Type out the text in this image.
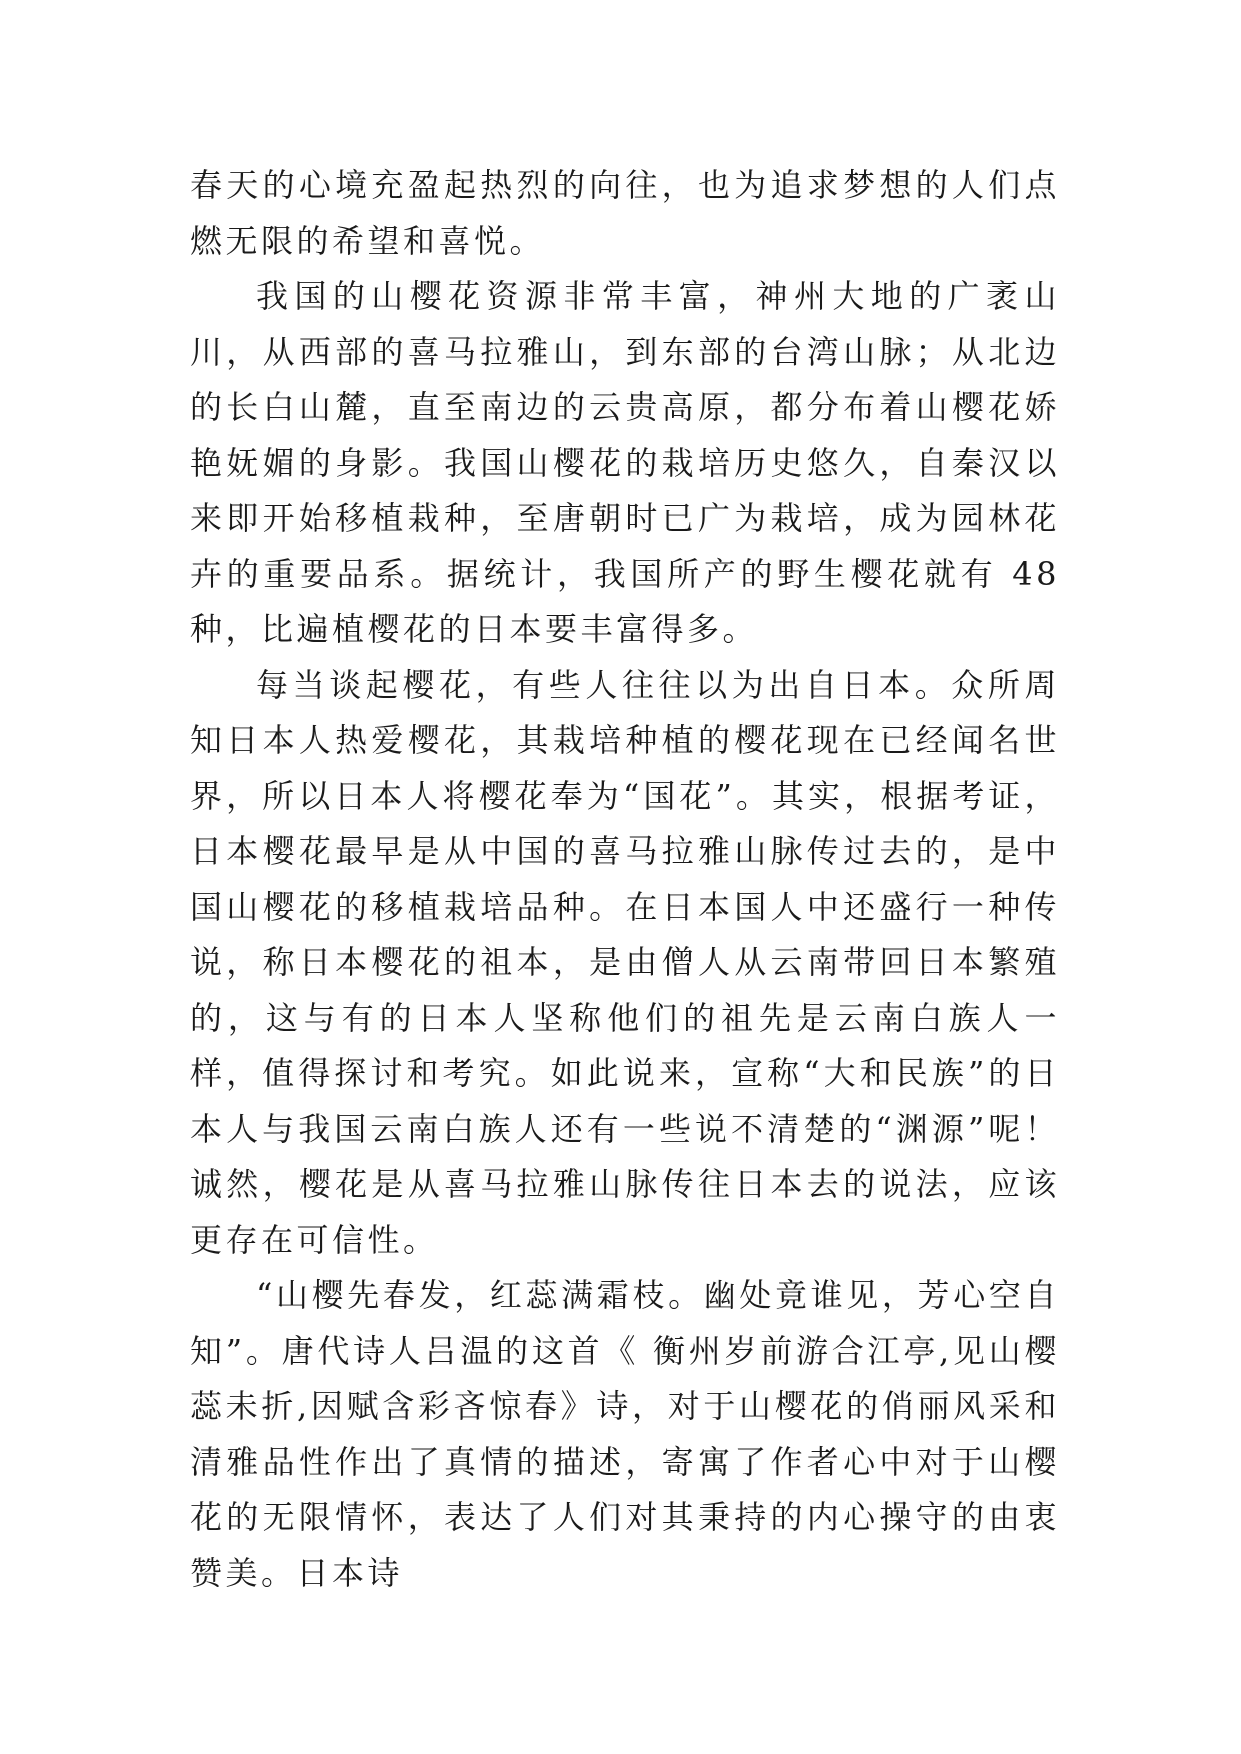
春天的心境充盈起热烈的向往，也为追求梦想的人们点燃无限的希望和喜悦。

我国的山樱花资源非常丰富，神州大地的广袤山川，从西部的喜马拉雅山，到东部的台湾山脉；从北边的长白山麓，直至南边的云贵高原，都分布着山樱花娇艳妩媚的身影。我国山樱花的栽培历史悠久，自秦汉以来即开始移植栽种，至唐朝时已广为栽培，成为园林花卉的重要品系。据统计，我国所产的野生樱花就有 48 种，比遍植樱花的日本要丰富得多。

每当谈起樱花，有些人往往以为出自日本。众所周知日本人热爱樱花，其栽培种植的樱花现在已经闻名世界，所以日本人将樱花奉为“国花”。其实，根据考证，日本樱花最早是从中国的喜马拉雅山脉传过去的，是中国山樱花的移植栽培品种。在日本国人中还盛行一种传说，称日本樱花的祖本，是由僧人从云南带回日本繁殖的，这与有的日本人坚称他们的祖先是云南白族人一样，值得探讨和考究。如此说来，宣称“大和民族”的日本人与我国云南白族人还有一些说不清楚的“渊源”呢！诚然，樱花是从喜马拉雅山脉传往日本去的说法，应该更存在可信性。

“山樱先春发，红蕊满霜枝。幽处竟谁见，芳心空自知”。唐代诗人吕温的这首《 衡州岁前游合江亭,见山樱蕊未折,因赋含彩吝惊春》诗，对于山樱花的俏丽风采和清雅品性作出了真情的描述，寄寓了作者心中对于山樱花的无限情怀，表达了人们对其秉持的内心操守的由衷赞美。日本诗
